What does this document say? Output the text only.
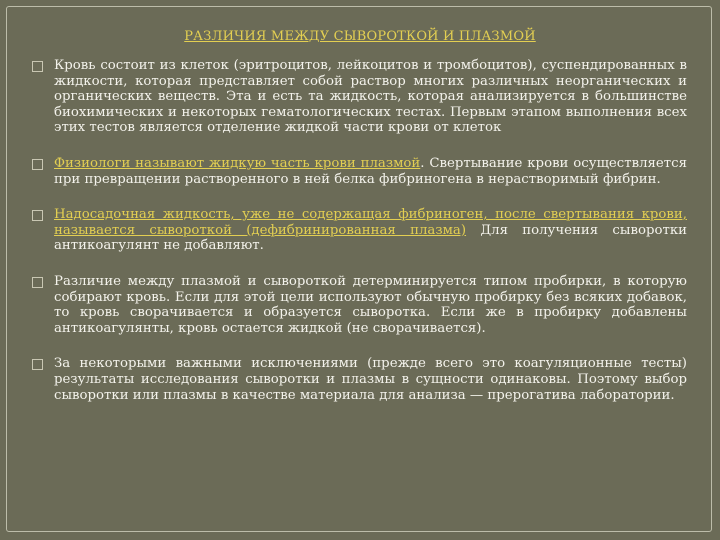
РАЗЛИЧИЯ МЕЖДУ СЫВОРОТКОЙ И ПЛАЗМОЙ
Кровь состоит из клеток (эритроцитов, лейкоцитов и тромбоцитов), суспендированных в жидкости, которая представляет собой раствор многих различных неорганических и органических веществ. Эта и есть та жидкость, которая анализируется в большинстве биохимических и некоторых гематологических тестах. Первым этапом выполнения всех этих тестов является отделение жидкой части крови от клеток
Физиологи называют жидкую часть крови плазмой. Свертывание крови осуществляется при превращении растворенного в ней белка фибриногена в нерастворимый фибрин.
Надосадочная жидкость, уже не содержащая фибриноген, после свертывания крови, называется сывороткой (дефибринированная плазма) Для получения сыворотки антикоагулянт не добавляют.
Различие между плазмой и сывороткой детерминируется типом пробирки, в которую собирают кровь. Если для этой цели используют обычную пробирку без всяких добавок, то кровь сворачивается и образуется сыворотка. Если же в пробирку добавлены антикоагулянты, кровь остается жидкой (не сворачивается).
За некоторыми важными исключениями (прежде всего это коагуляционные тесты) результаты исследования сыворотки и плазмы в сущности одинаковы. Поэтому выбор сыворотки или плазмы в качестве материала для анализа — прерогатива лаборатории.
